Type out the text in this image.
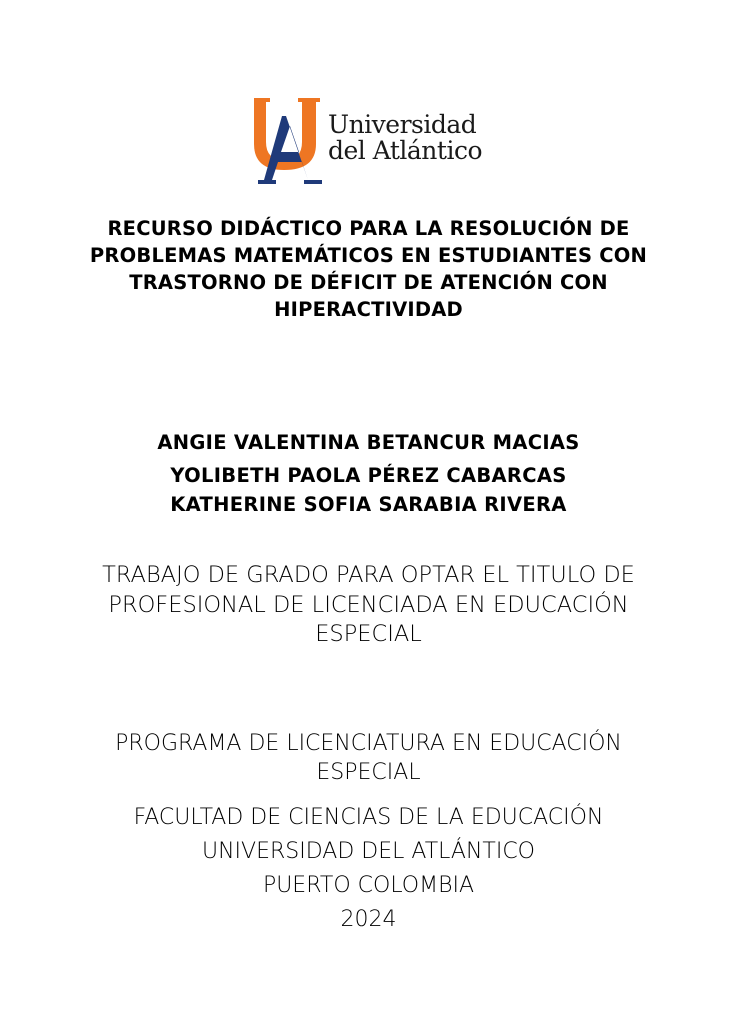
Universidad
del Atlántico
RECURSO DIDÁCTICO PARA LA RESOLUCIÓN DE
PROBLEMAS MATEMÁTICOS EN ESTUDIANTES CON
TRASTORNO DE DÉFICIT DE ATENCIÓN CON
HIPERACTIVIDAD
ANGIE VALENTINA BETANCUR MACIAS
YOLIBETH PAOLA PÉREZ CABARCAS
KATHERINE SOFIA SARABIA RIVERA
TRABAJO DE GRADO PARA OPTAR EL TITULO DE
PROFESIONAL DE LICENCIADA EN EDUCACIÓN
ESPECIAL
PROGRAMA DE LICENCIATURA EN EDUCACIÓN
ESPECIAL
FACULTAD DE CIENCIAS DE LA EDUCACIÓN
UNIVERSIDAD DEL ATLÁNTICO
PUERTO COLOMBIA
2024
